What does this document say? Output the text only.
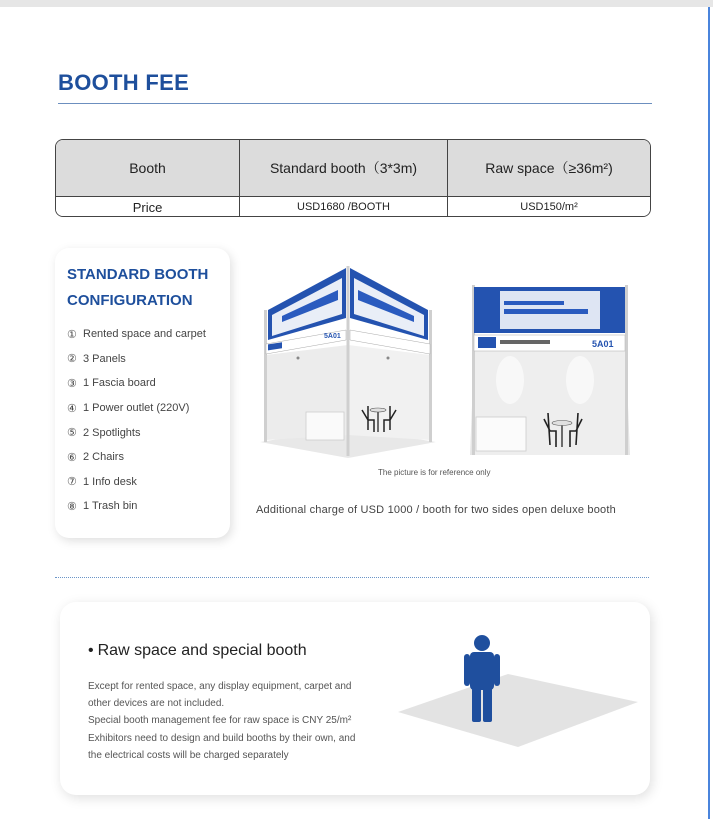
BOOTH FEE
Booth	Standard booth（3*3m)	Raw space（≥36m²)
Price	USD1680 /BOOTH	USD150/m²
STANDARD BOOTH
CONFIGURATION
① Rented space and carpet
② 3 Panels
③ 1 Fascia board
④ 1 Power outlet (220V)
⑤ 2 Spotlights
⑥ 2 Chairs
⑦ 1 Info desk
⑧ 1 Trash bin
5A01
5A01
The picture is for reference only
Additional charge of USD 1000 / booth for two sides open deluxe booth
• Raw space and special booth
Except for rented space, any display equipment, carpet and
other devices are not included.
Special booth management fee for raw space is CNY 25/m²
Exhibitors need to design and build booths by their own, and
the electrical costs will be charged separately
